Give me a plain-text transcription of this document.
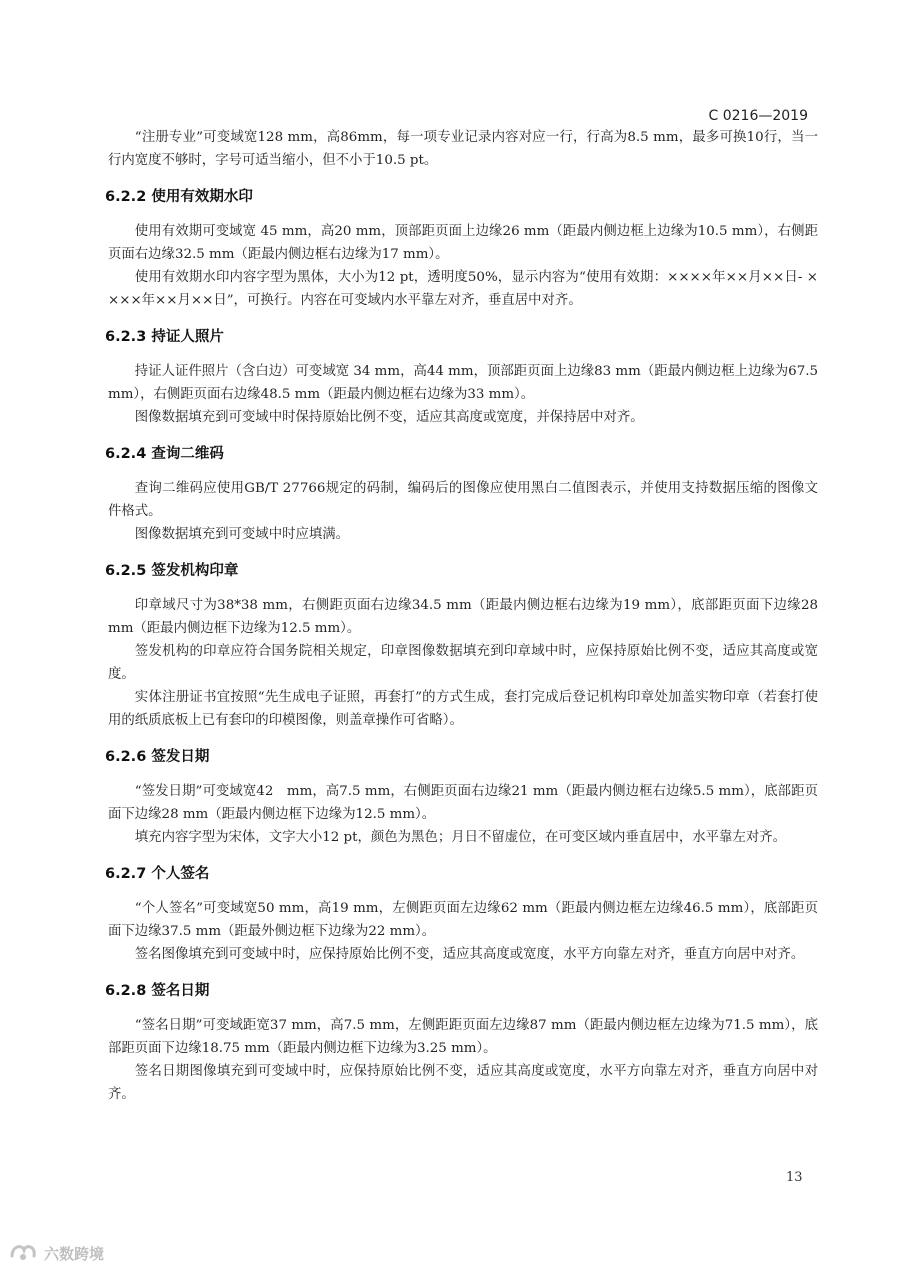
C 0216—2019

“注册专业”可变域宽128 mm，高86mm，每一项专业记录内容对应一行，行高为8.5 mm，最多可换10行，当一行内宽度不够时，字号可适当缩小，但不小于10.5 pt。

6.2.2 使用有效期水印

使用有效期可变域宽 45 mm，高20 mm，顶部距页面上边缘26 mm（距最内侧边框上边缘为10.5 mm），右侧距页面右边缘32.5 mm（距最内侧边框右边缘为17 mm）。

使用有效期水印内容字型为黑体，大小为12 pt，透明度50%，显示内容为“使用有效期：××××年××月××日- ××××年××月××日”，可换行。内容在可变域内水平靠左对齐，垂直居中对齐。

6.2.3 持证人照片

持证人证件照片（含白边）可变域宽 34 mm，高44 mm，顶部距页面上边缘83 mm（距最内侧边框上边缘为67.5 mm），右侧距页面右边缘48.5 mm（距最内侧边框右边缘为33 mm）。

图像数据填充到可变域中时保持原始比例不变，适应其高度或宽度，并保持居中对齐。

6.2.4 查询二维码

查询二维码应使用GB/T 27766规定的码制，编码后的图像应使用黑白二值图表示，并使用支持数据压缩的图像文件格式。

图像数据填充到可变域中时应填满。

6.2.5 签发机构印章

印章域尺寸为38*38 mm，右侧距页面右边缘34.5 mm（距最内侧边框右边缘为19 mm），底部距页面下边缘28 mm（距最内侧边框下边缘为12.5 mm）。

签发机构的印章应符合国务院相关规定，印章图像数据填充到印章域中时，应保持原始比例不变，适应其高度或宽度。

实体注册证书宜按照“先生成电子证照，再套打”的方式生成，套打完成后登记机构印章处加盖实物印章（若套打使用的纸质底板上已有套印的印模图像，则盖章操作可省略）。

6.2.6 签发日期

“签发日期”可变域宽42　mm，高7.5 mm，右侧距页面右边缘21 mm（距最内侧边框右边缘5.5 mm），底部距页面下边缘28 mm（距最内侧边框下边缘为12.5 mm）。

填充内容字型为宋体，文字大小12 pt，颜色为黑色；月日不留虚位，在可变区域内垂直居中，水平靠左对齐。

6.2.7 个人签名

“个人签名”可变域宽50 mm，高19 mm，左侧距页面左边缘62 mm（距最内侧边框左边缘46.5 mm），底部距页面下边缘37.5 mm（距最外侧边框下边缘为22 mm）。

签名图像填充到可变域中时，应保持原始比例不变，适应其高度或宽度，水平方向靠左对齐，垂直方向居中对齐。

6.2.8 签名日期

“签名日期”可变域距宽37 mm，高7.5 mm，左侧距距页面左边缘87 mm（距最内侧边框左边缘为71.5 mm），底部距页面下边缘18.75 mm（距最内侧边框下边缘为3.25 mm）。

签名日期图像填充到可变域中时，应保持原始比例不变，适应其高度或宽度，水平方向靠左对齐，垂直方向居中对齐。

13
六数跨境
